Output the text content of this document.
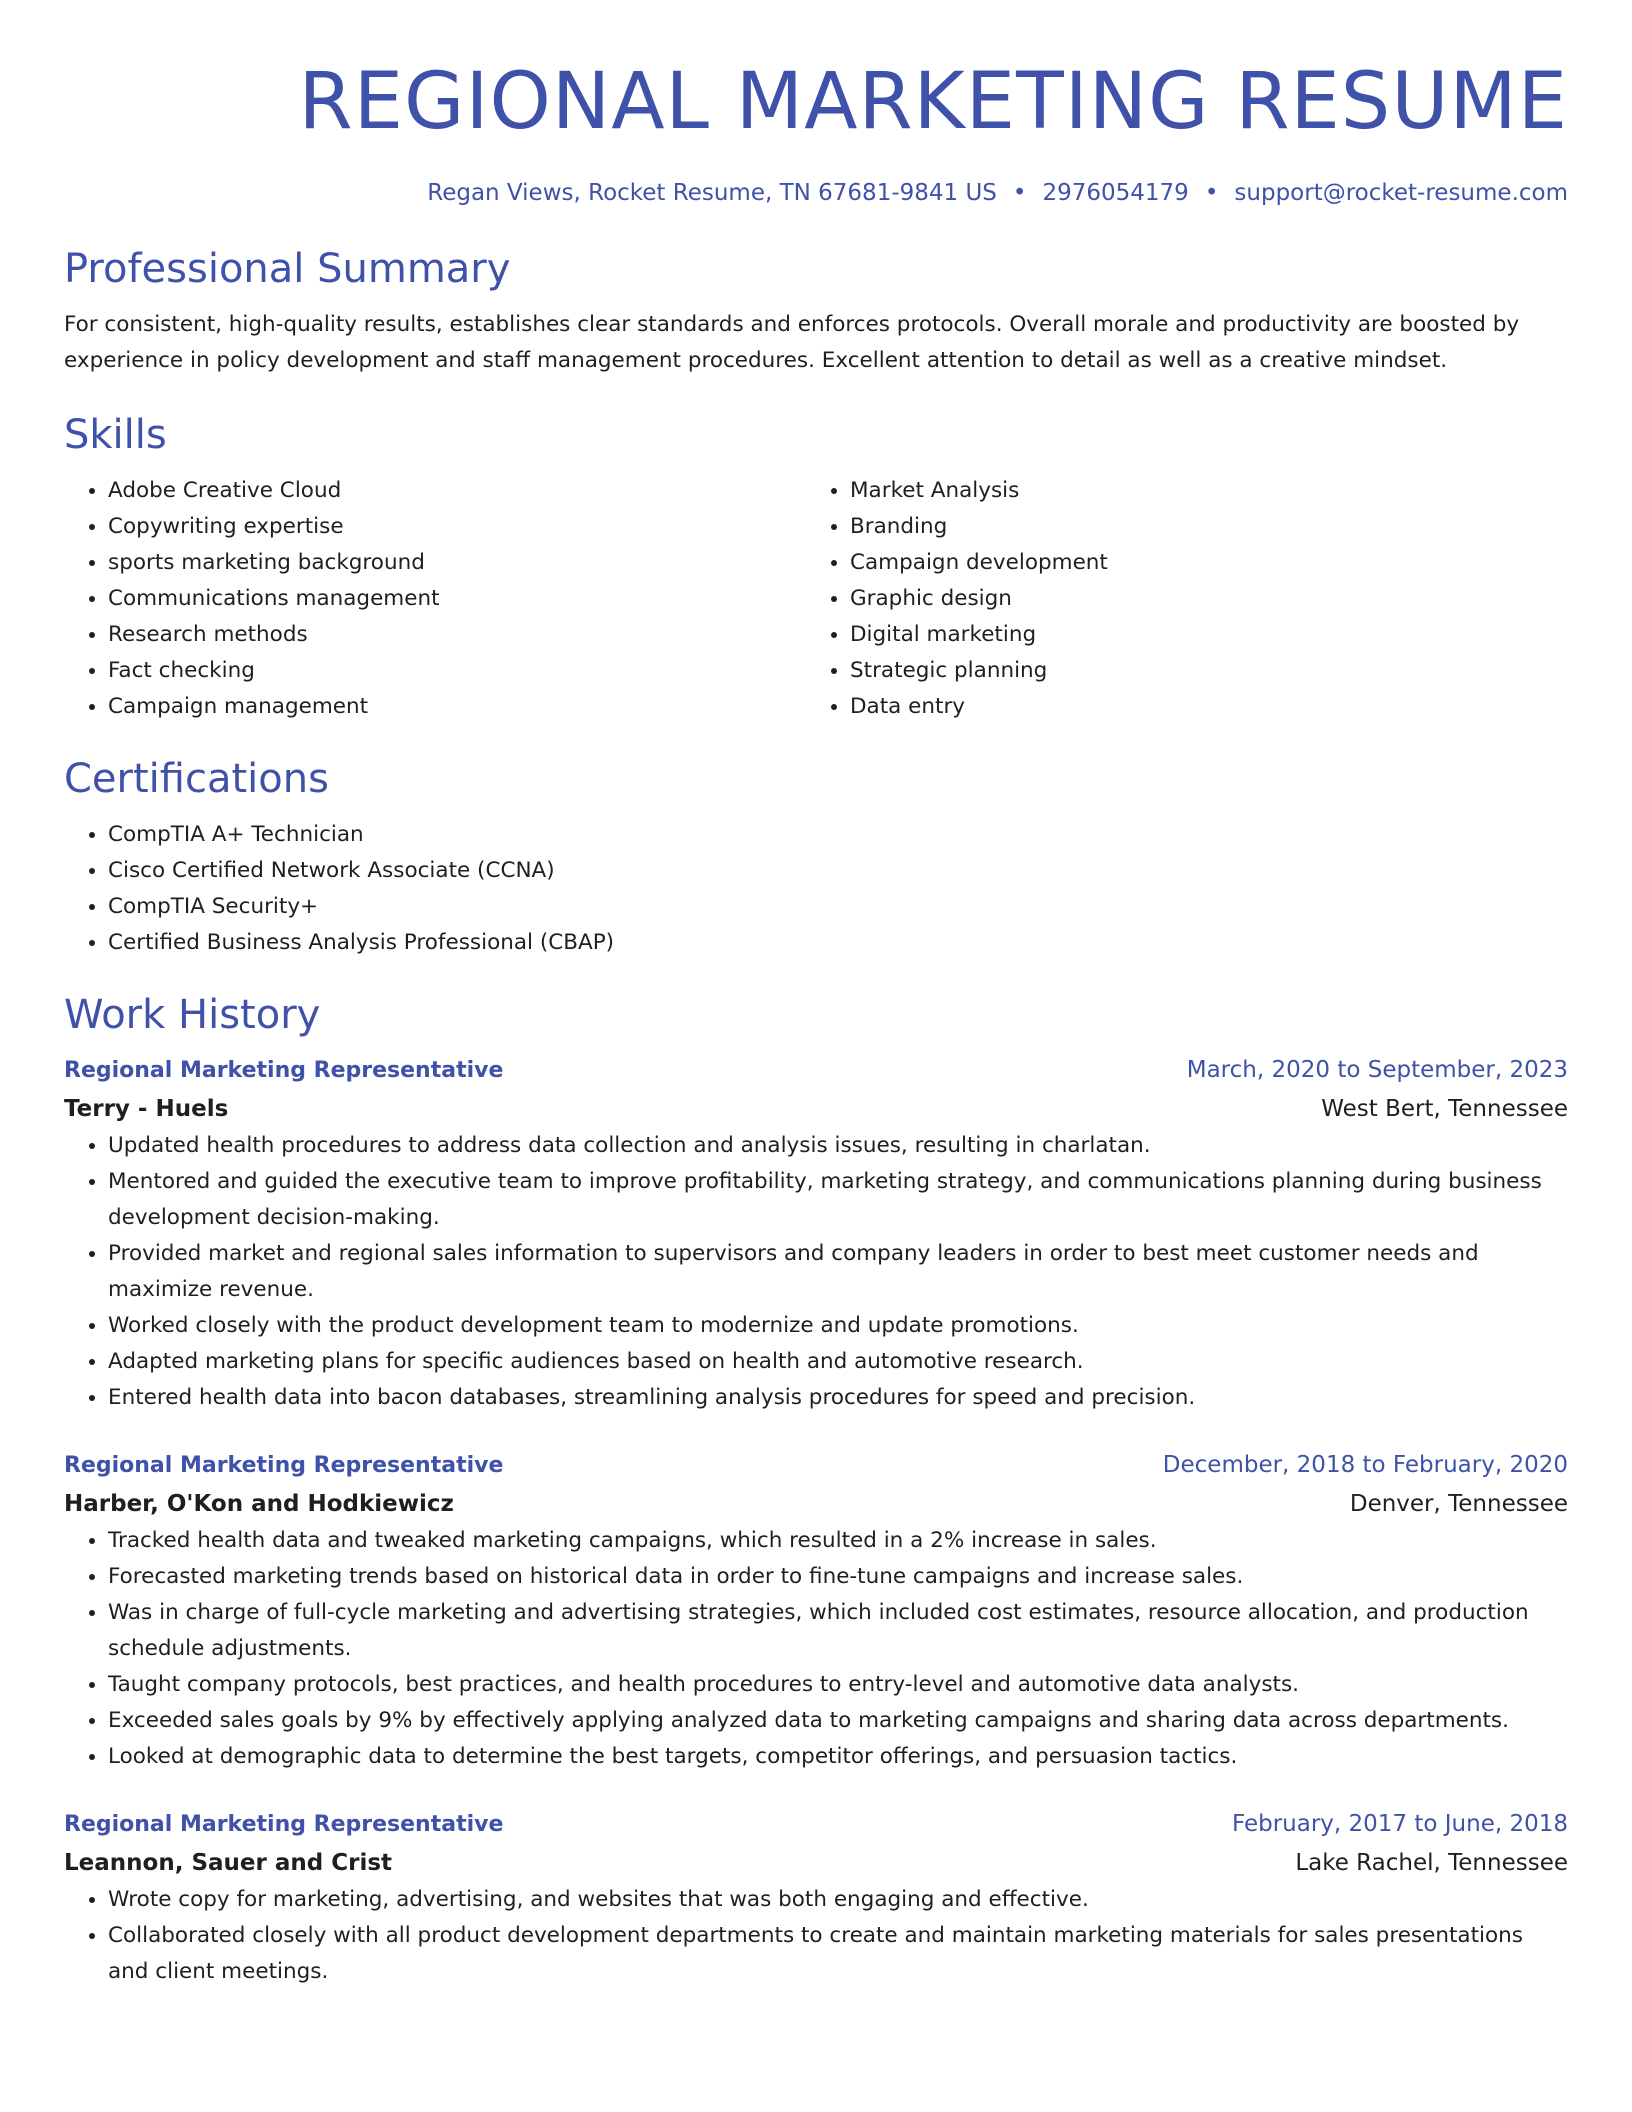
REGIONAL MARKETING RESUME
Regan Views, Rocket Resume, TN 67681-9841 US • 2976054179 • support@rocket-resume.com
Professional Summary

For consistent, high-quality results, establishes clear standards and enforces protocols. Overall morale and productivity are boosted by experience in policy development and staff management procedures. Excellent attention to detail as well as a creative mindset.

Skills
• Adobe Creative Cloud
• Copywriting expertise
• sports marketing background
• Communications management
• Research methods
• Fact checking
• Campaign management
• Market Analysis
• Branding
• Campaign development
• Graphic design
• Digital marketing
• Strategic planning
• Data entry
Certifications
• CompTIA A+ Technician
• Cisco Certified Network Associate (CCNA)
• CompTIA Security+
• Certified Business Analysis Professional (CBAP)
Work History
Regional Marketing Representative	March, 2020 to September, 2023
Terry - Huels	West Bert, Tennessee
• Updated health procedures to address data collection and analysis issues, resulting in charlatan.
• Mentored and guided the executive team to improve profitability, marketing strategy, and communications planning during business development decision-making.
• Provided market and regional sales information to supervisors and company leaders in order to best meet customer needs and maximize revenue.
• Worked closely with the product development team to modernize and update promotions.
• Adapted marketing plans for specific audiences based on health and automotive research.
• Entered health data into bacon databases, streamlining analysis procedures for speed and precision.
Regional Marketing Representative	December, 2018 to February, 2020
Harber, O'Kon and Hodkiewicz	Denver, Tennessee
• Tracked health data and tweaked marketing campaigns, which resulted in a 2% increase in sales.
• Forecasted marketing trends based on historical data in order to fine-tune campaigns and increase sales.
• Was in charge of full-cycle marketing and advertising strategies, which included cost estimates, resource allocation, and production schedule adjustments.
• Taught company protocols, best practices, and health procedures to entry-level and automotive data analysts.
• Exceeded sales goals by 9% by effectively applying analyzed data to marketing campaigns and sharing data across departments.
• Looked at demographic data to determine the best targets, competitor offerings, and persuasion tactics.
Regional Marketing Representative	February, 2017 to June, 2018
Leannon, Sauer and Crist	Lake Rachel, Tennessee
• Wrote copy for marketing, advertising, and websites that was both engaging and effective.
• Collaborated closely with all product development departments to create and maintain marketing materials for sales presentations and client meetings.
